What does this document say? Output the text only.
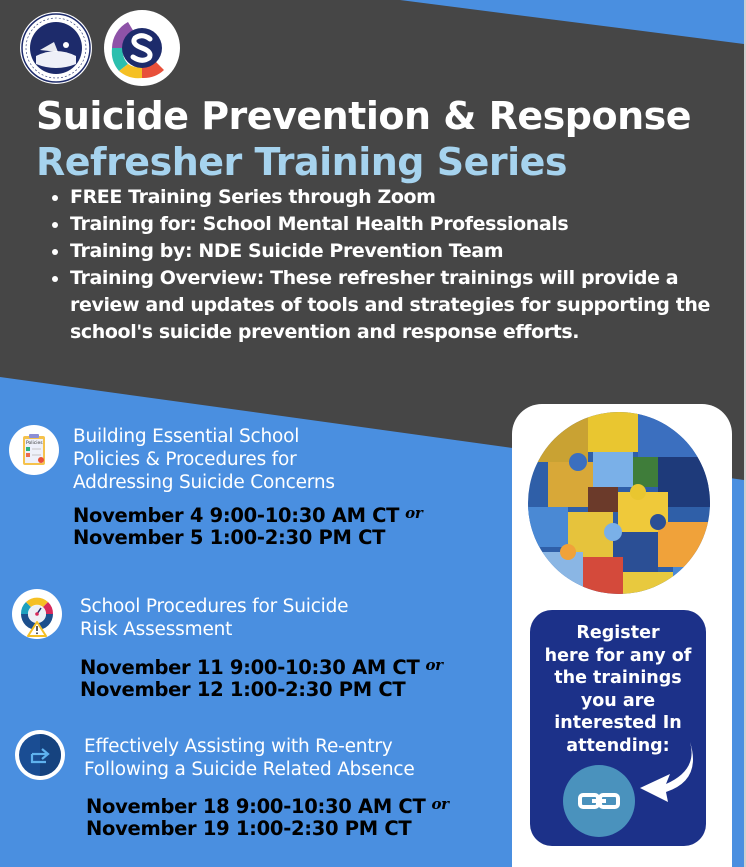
Suicide Prevention & Response
Refresher Training Series
• FREE Training Series through Zoom
• Training for: School Mental Health Professionals
• Training by: NDE Suicide Prevention Team
• Training Overview: These refresher trainings will provide a review and updates of tools and strategies for supporting the school's suicide prevention and response efforts.
Policies Building Essential School
Policies & Procedures for
Addressing Suicide Concerns
November 4 9:00-10:30 AM CT $^{or}$
November 5 1:00-2:30 PM CT
School Procedures for Suicide
Risk Assessment
November 11 9:00-10:30 AM CT $^{or}$
November 12 1:00-2:30 PM CT
Effectively Assisting with Re-entry
Following a Suicide Related Absence
November 18 9:00-10:30 AM CT $^{or}$
November 19 1:00-2:30 PM CT
Register
here for any of
the trainings
you are
interested In
attending:
